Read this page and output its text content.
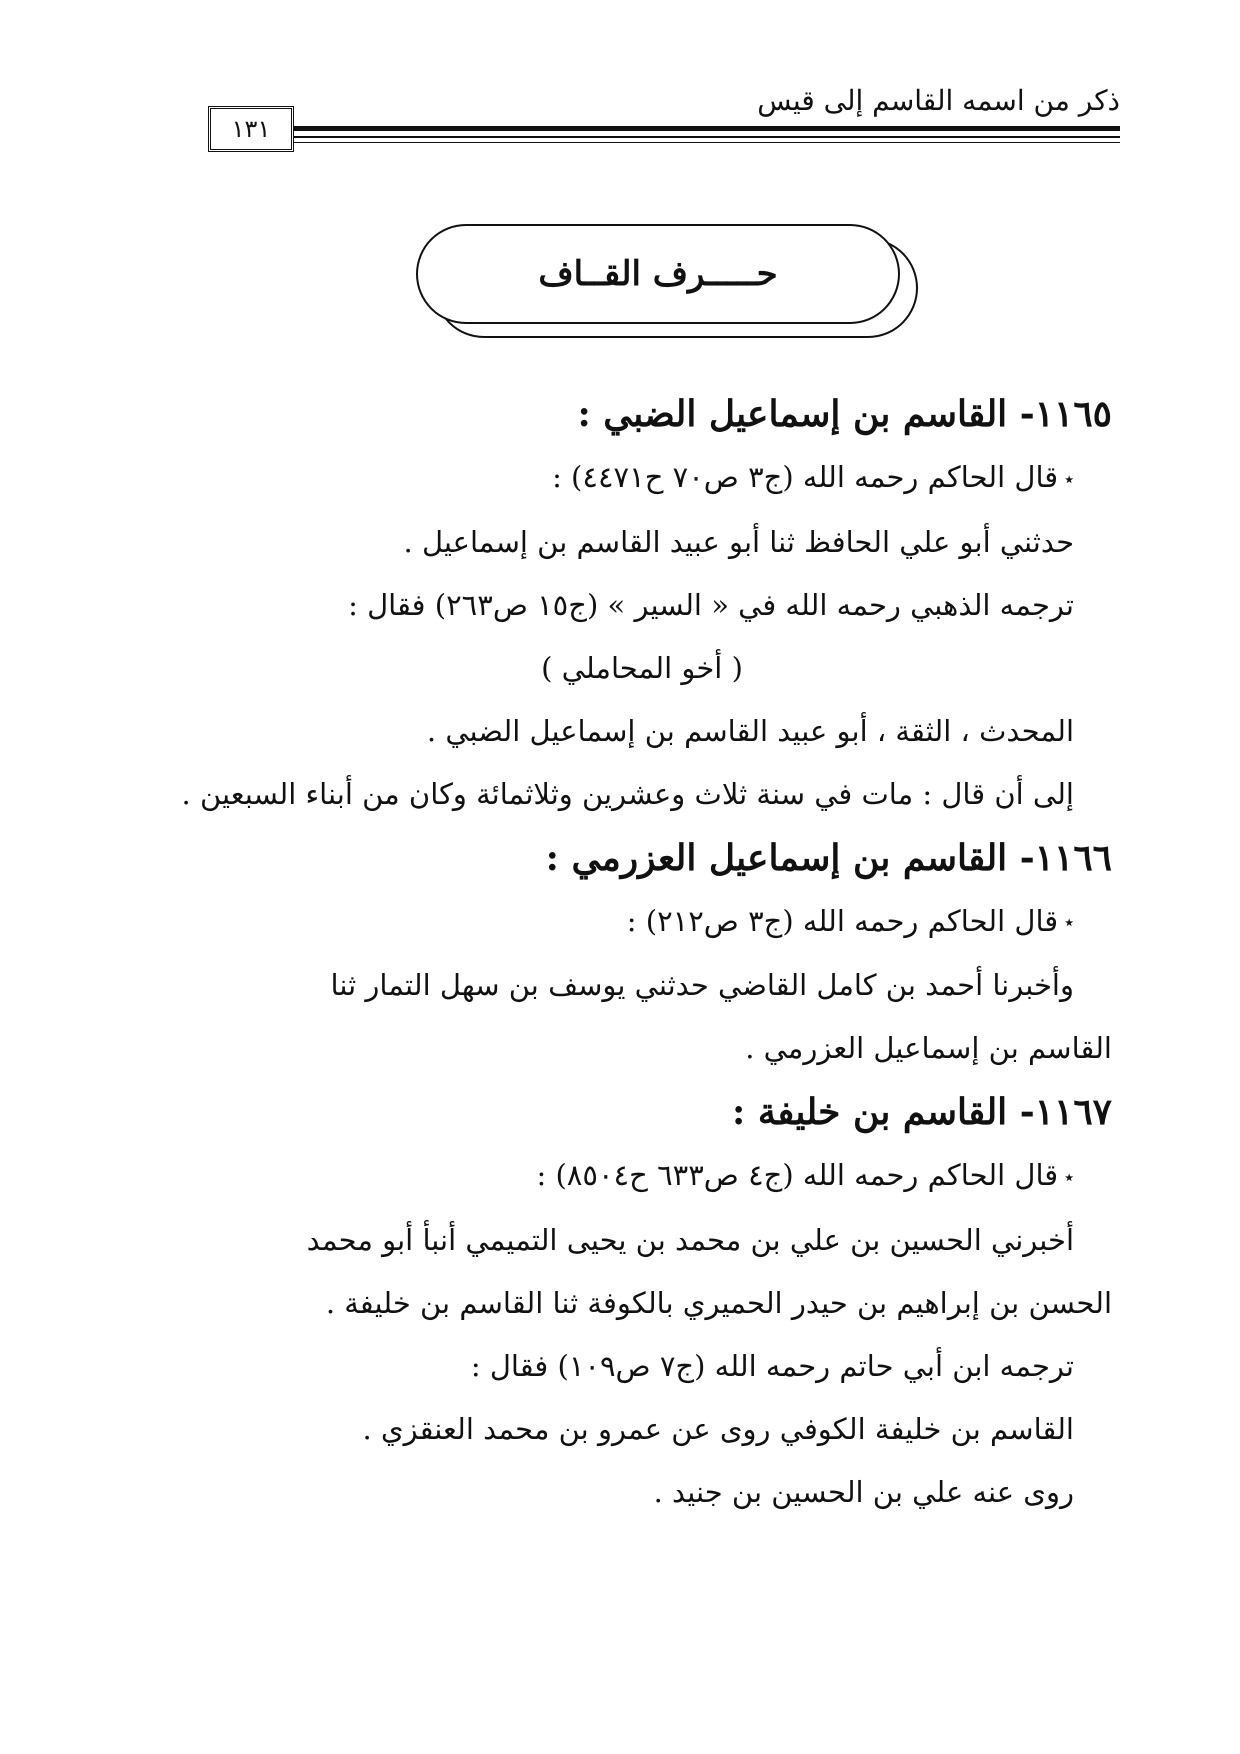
ذكر من اسمه القاسم إلى قيس
١٣١
حـــــرف القــاف

١١٦٥- القاسم بن إسماعيل الضبي :

٭قال الحاكم رحمه الله (ج٣ ص٧٠ ح٤٤٧١) :

حدثني أبو علي الحافظ ثنا أبو عبيد القاسم بن إسماعيل .

ترجمه الذهبي رحمه الله في « السير » (ج١٥ ص٢٦٣) فقال :

( أخو المحاملي )

المحدث ، الثقة ، أبو عبيد القاسم بن إسماعيل الضبي .

إلى أن قال : مات في سنة ثلاث وعشرين وثلاثمائة وكان من أبناء السبعين .

١١٦٦- القاسم بن إسماعيل العزرمي :

٭قال الحاكم رحمه الله (ج٣ ص٢١٢) :

وأخبرنا أحمد بن كامل القاضي حدثني يوسف بن سهل التمار ثنا

القاسم بن إسماعيل العزرمي .

١١٦٧- القاسم بن خليفة :

٭قال الحاكم رحمه الله (ج٤ ص٦٣٣ ح٨٥٠٤) :

أخبرني الحسين بن علي بن محمد بن يحيى التميمي أنبأ أبو محمد

الحسن بن إبراهيم بن حيدر الحميري بالكوفة ثنا القاسم بن خليفة .

ترجمه ابن أبي حاتم رحمه الله (ج٧ ص١٠٩) فقال :

القاسم بن خليفة الكوفي روى عن عمرو بن محمد العنقزي .

روى عنه علي بن الحسين بن جنيد .
